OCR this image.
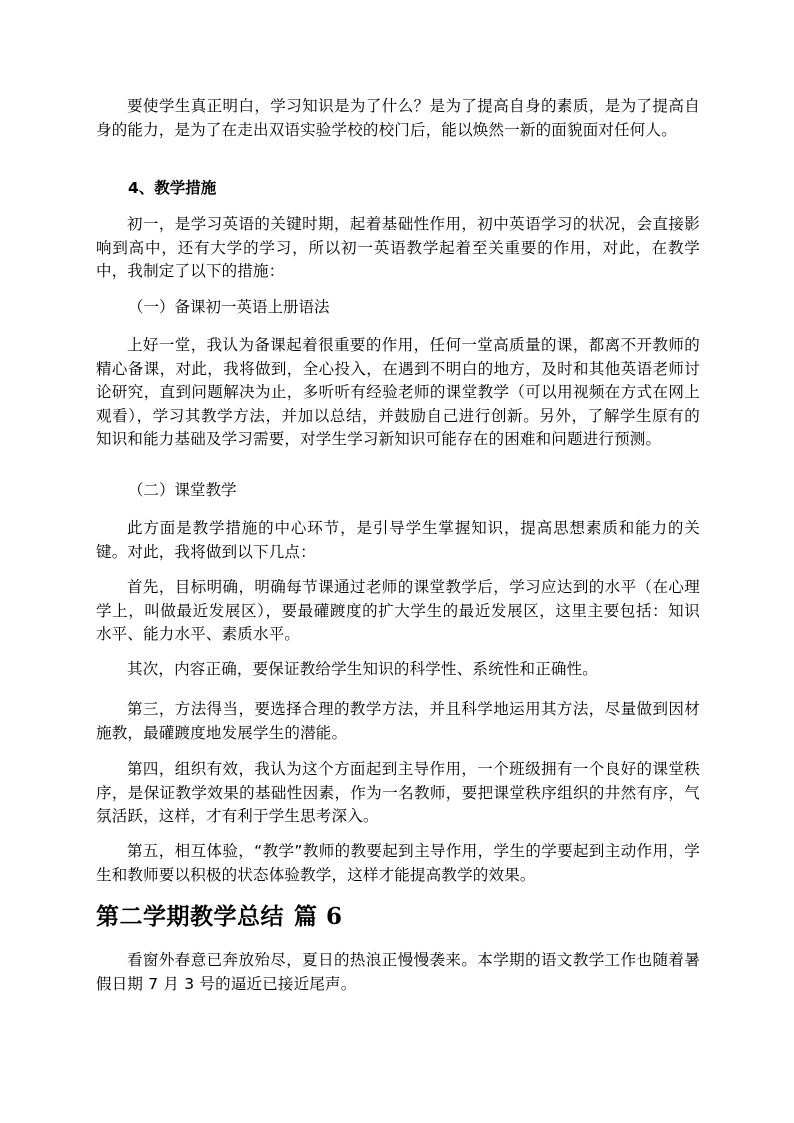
要使学生真正明白，学习知识是为了什么？是为了提高自身的素质，是为了提高自身的能力，是为了在走出双语实验学校的校门后，能以焕然一新的面貌面对任何人。

4、教学措施

初一，是学习英语的关键时期，起着基础性作用，初中英语学习的状况，会直接影响到高中，还有大学的学习，所以初一英语教学起着至关重要的作用，对此，在教学中，我制定了以下的措施：

（一）备课初一英语上册语法

上好一堂，我认为备课起着很重要的作用，任何一堂高质量的课，都离不开教师的精心备课，对此，我将做到，全心投入，在遇到不明白的地方，及时和其他英语老师讨论研究，直到问题解决为止，多听听有经验老师的课堂教学（可以用视频在方式在网上观看），学习其教学方法，并加以总结，并鼓励自己进行创新。另外，了解学生原有的知识和能力基础及学习需要，对学生学习新知识可能存在的困难和问题进行预测。

（二）课堂教学

此方面是教学措施的中心环节，是引导学生掌握知识，提高思想素质和能力的关键。对此，我将做到以下几点：

首先，目标明确，明确每节课通过老师的课堂教学后，学习应达到的水平（在心理学上，叫做最近发展区），要最礶踱度的扩大学生的最近发展区，这里主要包括：知识水平、能力水平、素质水平。

其次，内容正确，要保证教给学生知识的科学性、系统性和正确性。

第三，方法得当，要选择合理的教学方法，并且科学地运用其方法，尽量做到因材施教，最礶踱度地发展学生的潜能。

第四，组织有效，我认为这个方面起到主导作用，一个班级拥有一个良好的课堂秩序，是保证教学效果的基础性因素，作为一名教师，要把课堂秩序组织的井然有序，气氛活跃，这样，才有利于学生思考深入。

第五，相互体验，“教学”教师的教要起到主导作用，学生的学要起到主动作用，学生和教师要以积极的状态体验教学，这样才能提高教学的效果。

第二学期教学总结 篇 6

看窗外春意已奔放殆尽，夏日的热浪正慢慢袭来。本学期的语文教学工作也随着暑假日期 7 月 3 号的逼近已接近尾声。
